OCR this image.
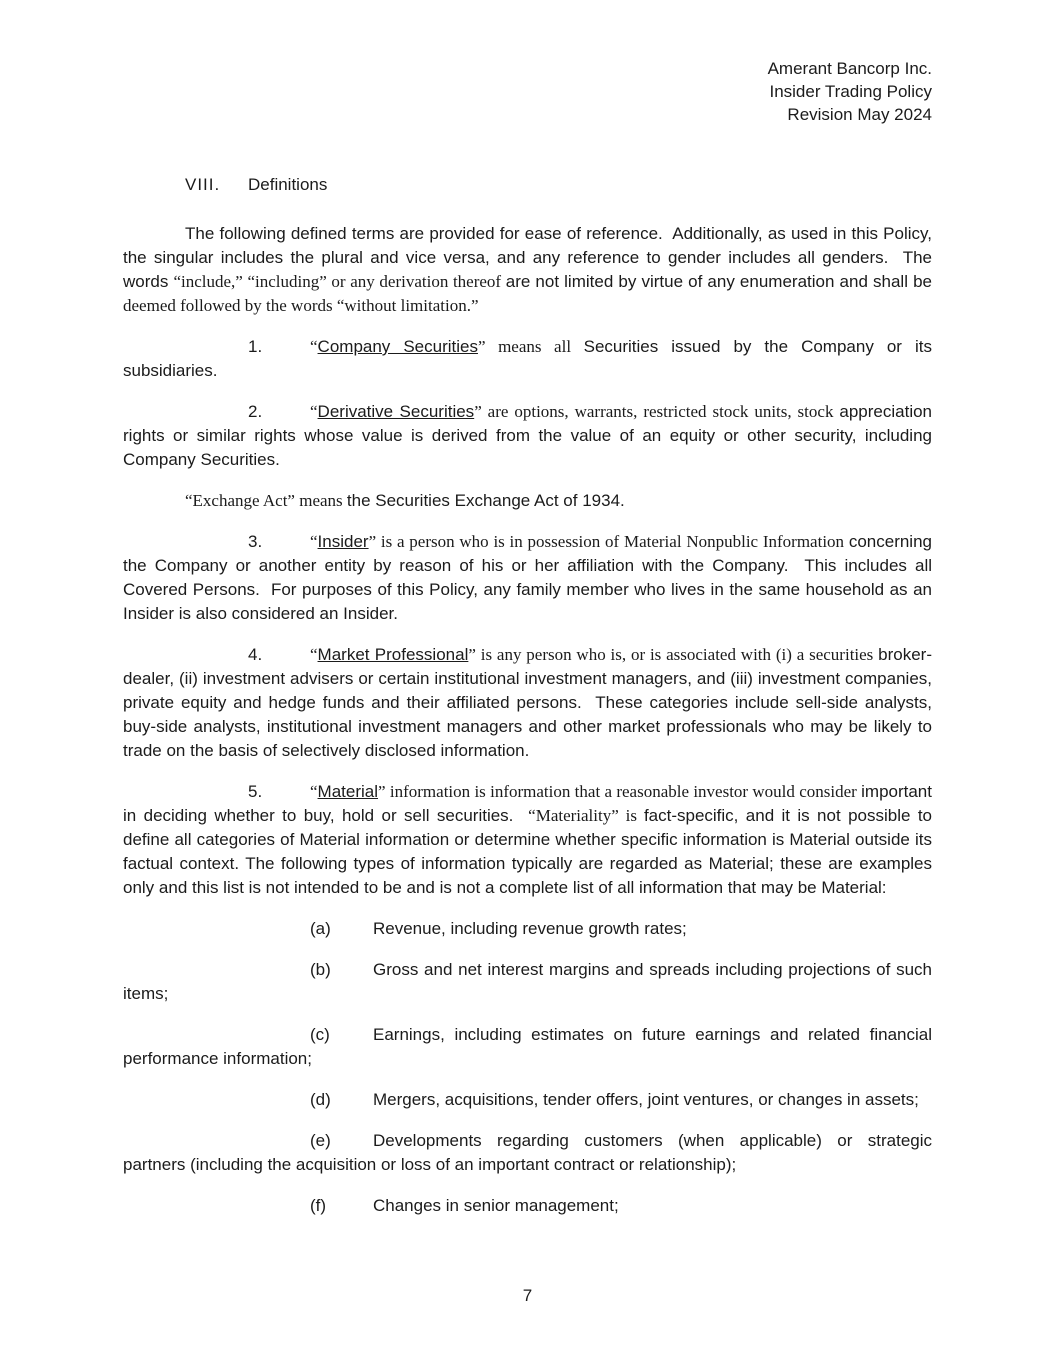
Amerant Bancorp Inc.
Insider Trading Policy
Revision May 2024
VIII. Definitions

The following defined terms are provided for ease of reference.  Additionally, as used in this Policy, the singular includes the plural and vice versa, and any reference to gender includes all genders.  The words “include,” “including” or any derivation thereof are not limited by virtue of any enumeration and shall be deemed followed by the words “without limitation.”

1.	“Company Securities” means all Securities issued by the Company or its subsidiaries.

2.	“Derivative Securities” are options, warrants, restricted stock units, stock appreciation rights or similar rights whose value is derived from the value of an equity or other security, including Company Securities.

“Exchange Act” means the Securities Exchange Act of 1934.

3.	“Insider” is a person who is in possession of Material Nonpublic Information concerning the Company or another entity by reason of his or her affiliation with the Company.  This includes all Covered Persons.  For purposes of this Policy, any family member who lives in the same household as an Insider is also considered an Insider.

4.	“Market Professional” is any person who is, or is associated with (i) a securities broker-dealer, (ii) investment advisers or certain institutional investment managers, and (iii) investment companies, private equity and hedge funds and their affiliated persons.  These categories include sell-side analysts, buy-side analysts, institutional investment managers and other market professionals who may be likely to trade on the basis of selectively disclosed information.

5.	“Material” information is information that a reasonable investor would consider important in deciding whether to buy, hold or sell securities.  “Materiality” is fact-specific, and it is not possible to define all categories of Material information or determine whether specific information is Material outside its factual context. The following types of information typically are regarded as Material; these are examples only and this list is not intended to be and is not a complete list of all information that may be Material:

(a) Revenue, including revenue growth rates;

(b) Gross and net interest margins and spreads including projections of such items;

(c)	Earnings, including estimates on future earnings and related financial performance information;

(d) Mergers, acquisitions, tender offers, joint ventures, or changes in assets;

(e) Developments regarding customers (when applicable) or strategic partners (including the acquisition or loss of an important contract or relationship);

(f)	Changes in senior management;

7
